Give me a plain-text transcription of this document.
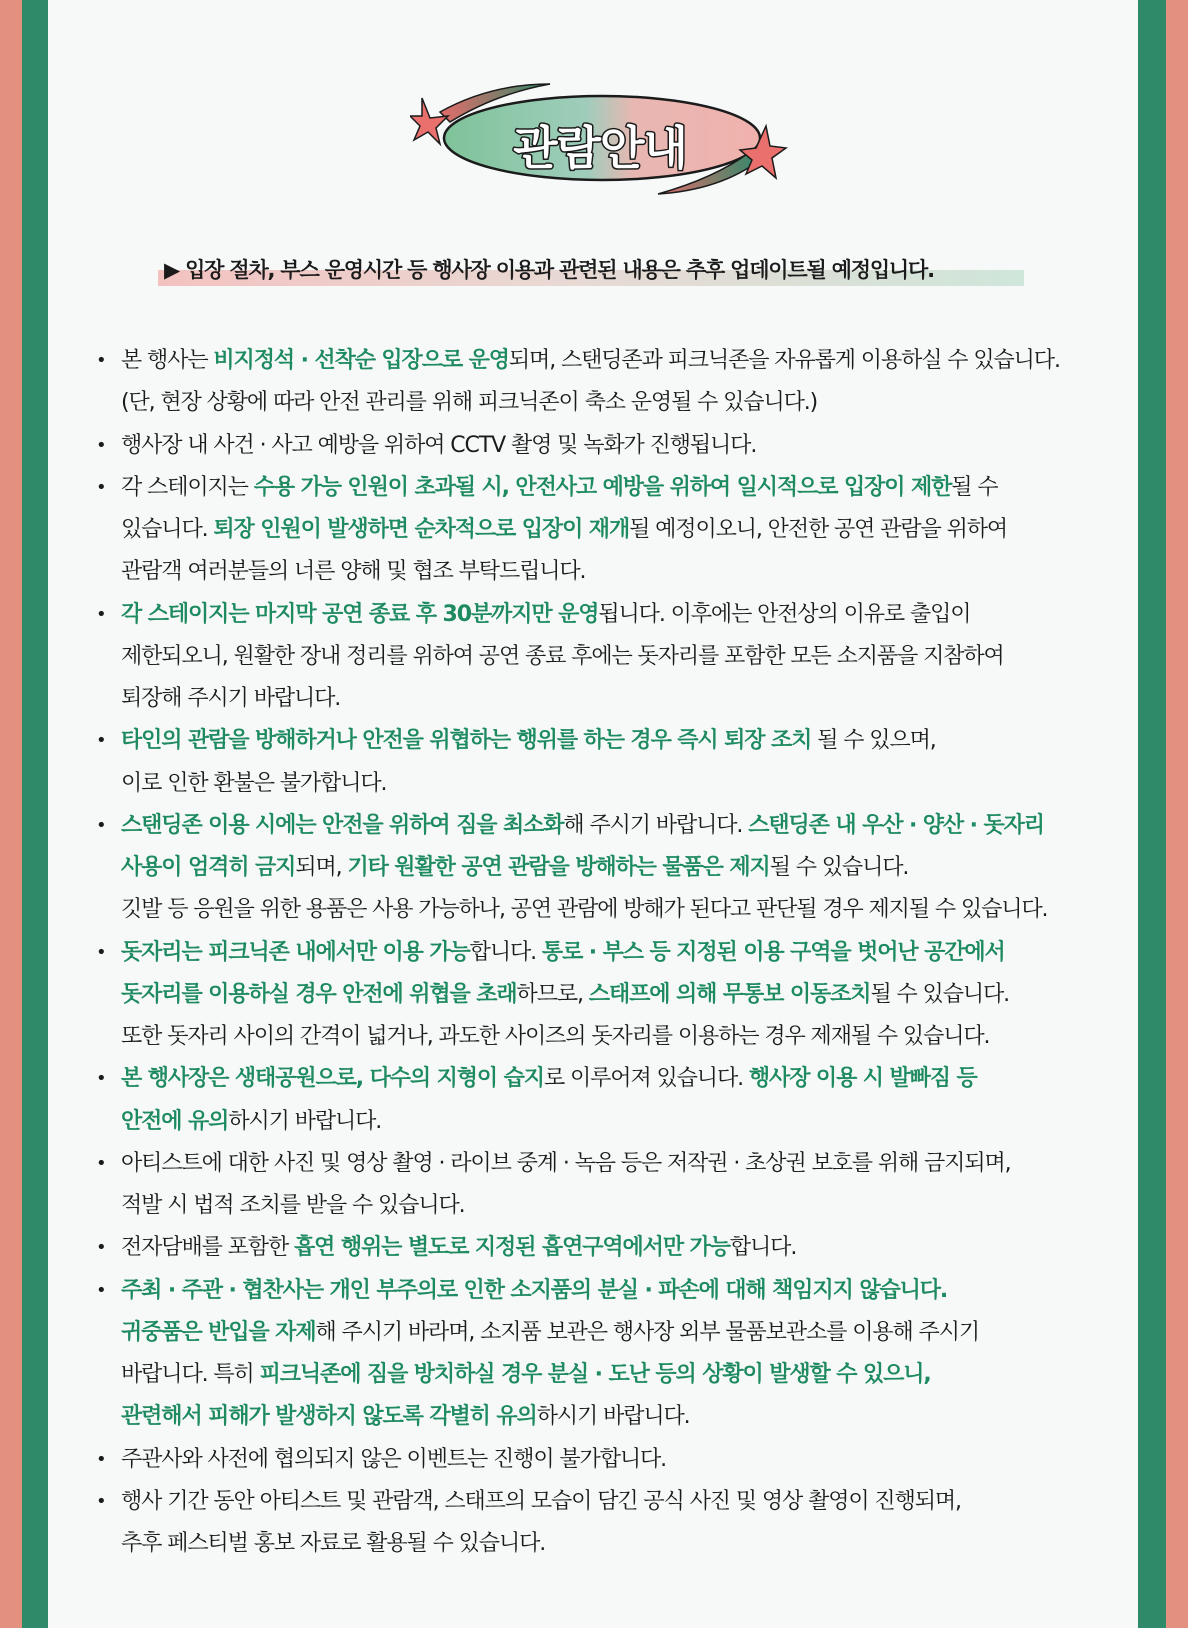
관람안내
▶ 입장 절차, 부스 운영시간 등 행사장 이용과 관련된 내용은 추후 업데이트될 예정입니다.
• 본 행사는 비지정석 · 선착순 입장으로 운영되며, 스탠딩존과 피크닉존을 자유롭게 이용하실 수 있습니다.
(단, 현장 상황에 따라 안전 관리를 위해 피크닉존이 축소 운영될 수 있습니다.)
• 행사장 내 사건 · 사고 예방을 위하여 CCTV 촬영 및 녹화가 진행됩니다.
• 각 스테이지는 수용 가능 인원이 초과될 시, 안전사고 예방을 위하여 일시적으로 입장이 제한될 수
있습니다. 퇴장 인원이 발생하면 순차적으로 입장이 재개될 예정이오니, 안전한 공연 관람을 위하여
관람객 여러분들의 너른 양해 및 협조 부탁드립니다.
• 각 스테이지는 마지막 공연 종료 후 30분까지만 운영됩니다. 이후에는 안전상의 이유로 출입이
제한되오니, 원활한 장내 정리를 위하여 공연 종료 후에는 돗자리를 포함한 모든 소지품을 지참하여
퇴장해 주시기 바랍니다.
• 타인의 관람을 방해하거나 안전을 위협하는 행위를 하는 경우 즉시 퇴장 조치 될 수 있으며,
이로 인한 환불은 불가합니다.
• 스탠딩존 이용 시에는 안전을 위하여 짐을 최소화해 주시기 바랍니다. 스탠딩존 내 우산 · 양산 · 돗자리
사용이 엄격히 금지되며, 기타 원활한 공연 관람을 방해하는 물품은 제지될 수 있습니다.
깃발 등 응원을 위한 용품은 사용 가능하나, 공연 관람에 방해가 된다고 판단될 경우 제지될 수 있습니다.
• 돗자리는 피크닉존 내에서만 이용 가능합니다. 통로 · 부스 등 지정된 이용 구역을 벗어난 공간에서
돗자리를 이용하실 경우 안전에 위협을 초래하므로, 스태프에 의해 무통보 이동조치될 수 있습니다.
또한 돗자리 사이의 간격이 넓거나, 과도한 사이즈의 돗자리를 이용하는 경우 제재될 수 있습니다.
• 본 행사장은 생태공원으로, 다수의 지형이 습지로 이루어져 있습니다. 행사장 이용 시 발빠짐 등
안전에 유의하시기 바랍니다.
• 아티스트에 대한 사진 및 영상 촬영 · 라이브 중계 · 녹음 등은 저작권 · 초상권 보호를 위해 금지되며,
적발 시 법적 조치를 받을 수 있습니다.
• 전자담배를 포함한 흡연 행위는 별도로 지정된 흡연구역에서만 가능합니다.
• 주최 · 주관 · 협찬사는 개인 부주의로 인한 소지품의 분실 · 파손에 대해 책임지지 않습니다.
귀중품은 반입을 자제해 주시기 바라며, 소지품 보관은 행사장 외부 물품보관소를 이용해 주시기
바랍니다. 특히 피크닉존에 짐을 방치하실 경우 분실 · 도난 등의 상황이 발생할 수 있으니,
관련해서 피해가 발생하지 않도록 각별히 유의하시기 바랍니다.
• 주관사와 사전에 협의되지 않은 이벤트는 진행이 불가합니다.
• 행사 기간 동안 아티스트 및 관람객, 스태프의 모습이 담긴 공식 사진 및 영상 촬영이 진행되며,
추후 페스티벌 홍보 자료로 활용될 수 있습니다.
